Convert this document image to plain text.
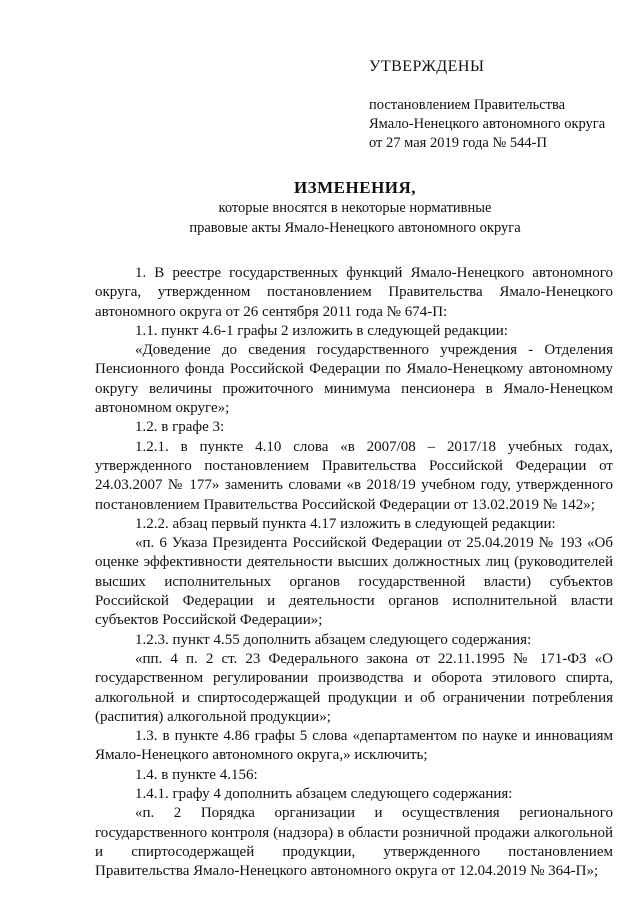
УТВЕРЖДЕНЫ
постановлением Правительства
Ямало-Ненецкого автономного округа
от 27 мая 2019 года № 544-П
ИЗМЕНЕНИЯ,
которые вносятся в некоторые нормативные
правовые акты Ямало-Ненецкого автономного округа

1. В реестре государственных функций Ямало-Ненецкого автономного округа, утвержденном постановлением Правительства Ямало-Ненецкого автономного округа от 26 сентября 2011 года № 674-П:

1.1. пункт 4.6-1 графы 2 изложить в следующей редакции:

«Доведение до сведения государственного учреждения - Отделения Пенсионного фонда Российской Федерации по Ямало-Ненецкому автономному округу величины прожиточного минимума пенсионера в Ямало-Ненецком автономном округе»;

1.2. в графе 3:

1.2.1. в пункте 4.10 слова «в 2007/08 – 2017/18 учебных годах, утвержденного постановлением Правительства Российской Федерации от 24.03.2007 № 177» заменить словами «в 2018/19 учебном году, утвержденного постановлением Правительства Российской Федерации от 13.02.2019 № 142»;

1.2.2. абзац первый пункта 4.17 изложить в следующей редакции:

«п. 6 Указа Президента Российской Федерации от 25.04.2019 № 193 «Об оценке эффективности деятельности высших должностных лиц (руководителей высших исполнительных органов государственной власти) субъектов Российской Федерации и деятельности органов исполнительной власти субъектов Российской Федерации»;

1.2.3. пункт 4.55 дополнить абзацем следующего содержания:

«пп. 4 п. 2 ст. 23 Федерального закона от 22.11.1995 № 171-ФЗ «О государственном регулировании производства и оборота этилового спирта, алкогольной и спиртосодержащей продукции и об ограничении потребления (распития) алкогольной продукции»;

1.3. в пункте 4.86 графы 5 слова «департаментом по науке и инновациям Ямало-Ненецкого автономного округа,» исключить;

1.4. в пункте 4.156:

1.4.1. графу 4 дополнить абзацем следующего содержания:

«п. 2 Порядка организации и осуществления регионального государственного контроля (надзора) в области розничной продажи алкогольной и спиртосодержащей продукции, утвержденного постановлением Правительства Ямало-Ненецкого автономного округа от 12.04.2019 № 364-П»;
